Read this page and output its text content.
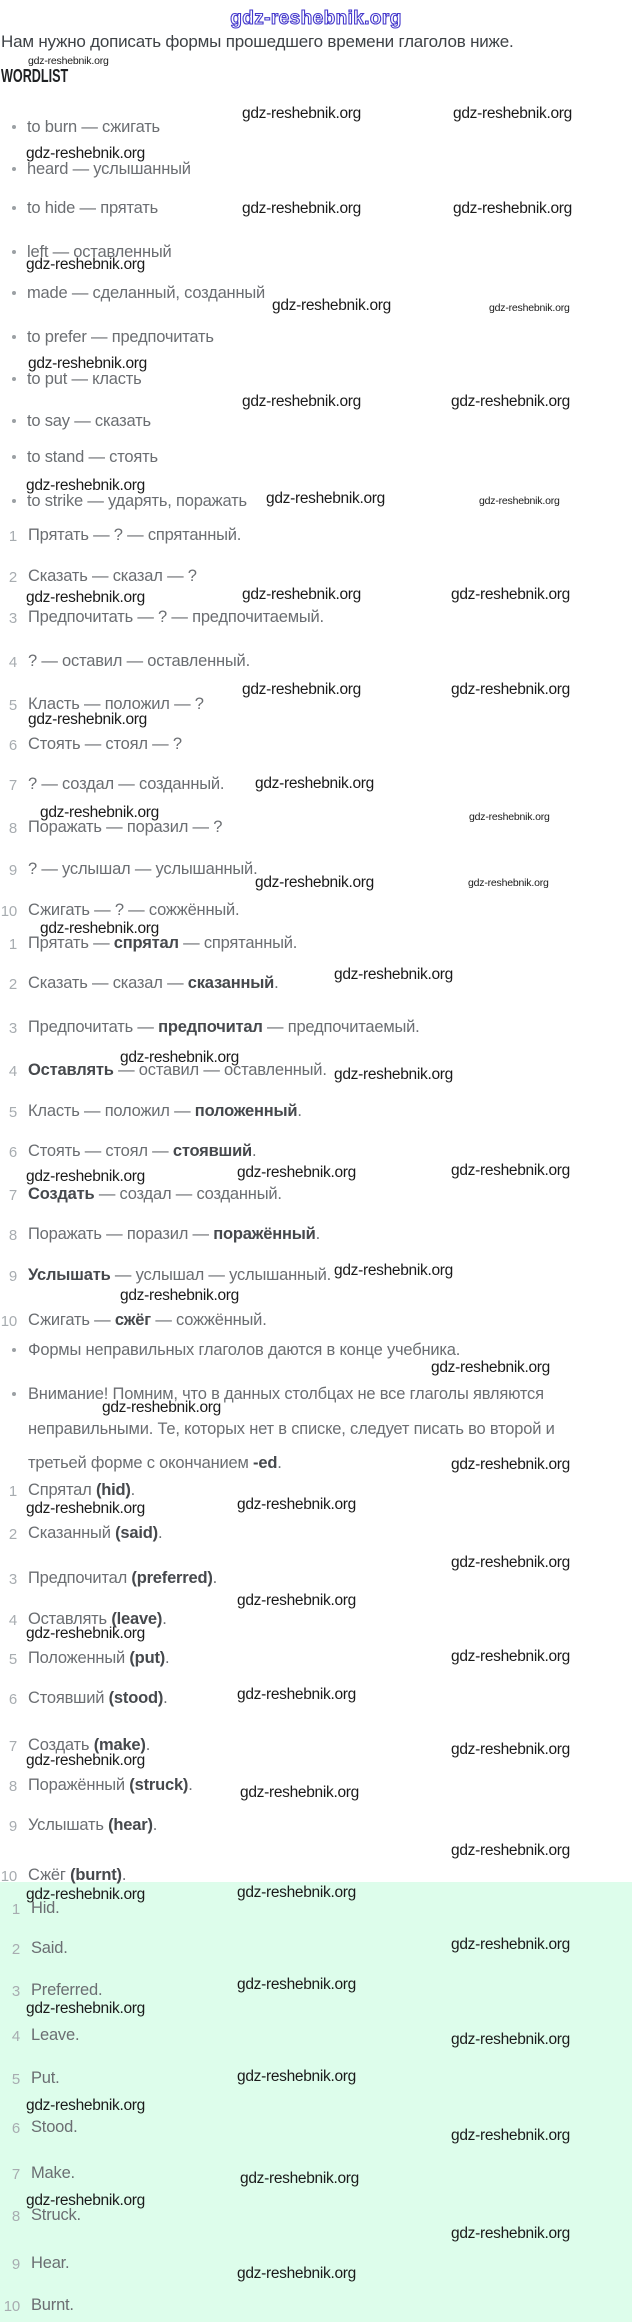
gdz-reshebnik.org
Нам нужно дописать формы прошедшего времени глаголов ниже.
WORDLIST
Формы неправильных глаголов даются в конце учебника.
Внимание! Помним, что в данных столбцах не все глаголы являются
неправильными. Те, которых нет в списке, следует писать во второй и
третьей форме с окончанием -ed.
gdz-reshebnik.org
gdz-reshebnik.org	gdz-reshebnik.org
gdz-reshebnik.org
gdz-reshebnik.org	gdz-reshebnik.org
gdz-reshebnik.org
gdz-reshebnik.org	gdz-reshebnik.org
gdz-reshebnik.org
gdz-reshebnik.org	gdz-reshebnik.org
gdz-reshebnik.org
gdz-reshebnik.org	gdz-reshebnik.org
gdz-reshebnik.org	gdz-reshebnik.org	gdz-reshebnik.org
gdz-reshebnik.org	gdz-reshebnik.org
gdz-reshebnik.org
gdz-reshebnik.org
gdz-reshebnik.org	gdz-reshebnik.org
gdz-reshebnik.org	gdz-reshebnik.org
gdz-reshebnik.org
gdz-reshebnik.org
gdz-reshebnik.org
gdz-reshebnik.org
gdz-reshebnik.org	gdz-reshebnik.org	gdz-reshebnik.org
gdz-reshebnik.org
gdz-reshebnik.org
gdz-reshebnik.org
gdz-reshebnik.org
gdz-reshebnik.org
gdz-reshebnik.org	gdz-reshebnik.org
gdz-reshebnik.org
gdz-reshebnik.org
gdz-reshebnik.org
gdz-reshebnik.org
gdz-reshebnik.org
gdz-reshebnik.org
gdz-reshebnik.org
gdz-reshebnik.org
gdz-reshebnik.org
gdz-reshebnik.org	gdz-reshebnik.org
gdz-reshebnik.org
gdz-reshebnik.org
gdz-reshebnik.org
gdz-reshebnik.org
gdz-reshebnik.org
gdz-reshebnik.org
gdz-reshebnik.org
gdz-reshebnik.org
gdz-reshebnik.org
gdz-reshebnik.org
gdz-reshebnik.org
to burn — сжигать
heard — услышанный
to hide — прятать
left — оставленный
made — сделанный, созданный
to prefer — предпочитать
to put — класть
to say — сказать
to stand — стоять
to strike — ударять, поражать
1 Прятать — ? — спрятанный.
2 Сказать — сказал — ?
3 Предпочитать — ? — предпочитаемый.
4 ? — оставил — оставленный.
5 Класть — положил — ?
6 Стоять — стоял — ?
7 ? — создал — созданный.
8 Поражать — поразил — ?
9 ? — услышал — услышанный.
10 Сжигать — ? — сожжённый.
1 Прятать — спрятал — спрятанный.
2 Сказать — сказал — сказанный.
3 Предпочитать — предпочитал — предпочитаемый.
4 Оставлять — оставил — оставленный.
5 Класть — положил — положенный.
6 Стоять — стоял — стоявший.
7 Создать — создал — созданный.
8 Поражать — поразил — поражённый.
9 Услышать — услышал — услышанный.
10 Сжигать — сжёг — сожжённый.
1 Спрятал (hid).
2 Сказанный (said).
3 Предпочитал (preferred).
4 Оставлять (leave).
5 Положенный (put).
6 Стоявший (stood).
7 Создать (make).
8 Поражённый (struck).
9 Услышать (hear).
10 Сжёг (burnt).
1 Hid.
2 Said.
3 Preferred.
4 Leave.
5 Put.
6 Stood.
7 Make.
8 Struck.
9 Hear.
10 Burnt.
